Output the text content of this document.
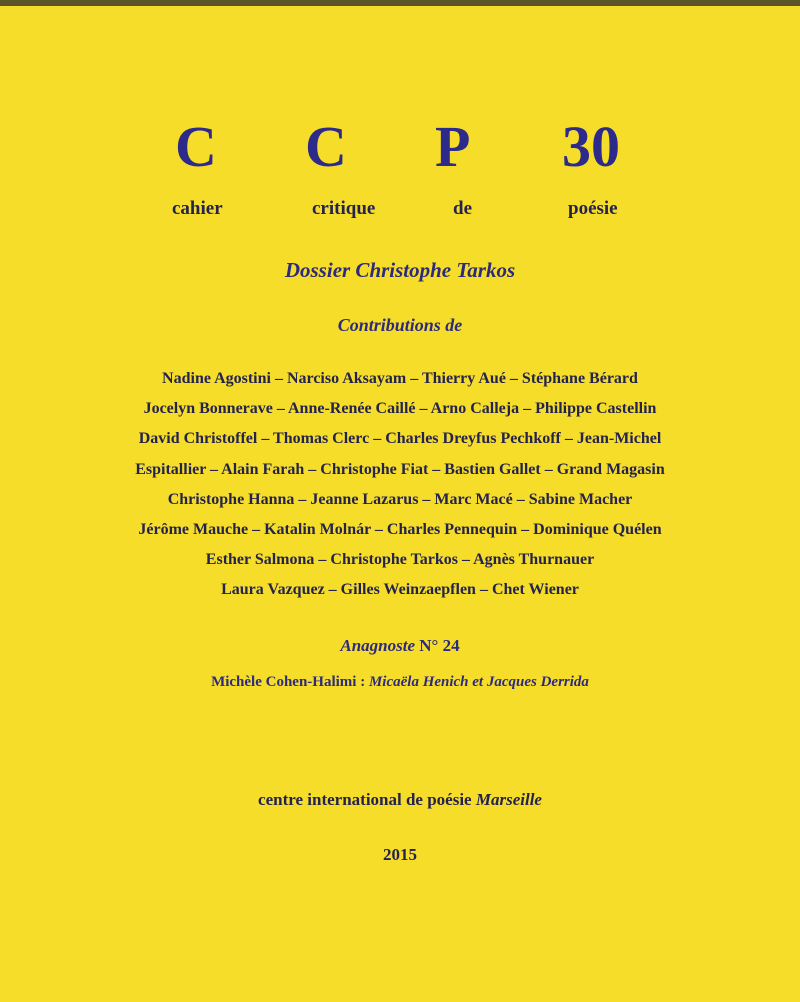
C C P 30
cahier	critique	de	poésie
Dossier Christophe Tarkos
Contributions de
Nadine Agostini – Narciso Aksayam – Thierry Aué – Stéphane Bérard
Jocelyn Bonnerave – Anne-Renée Caillé – Arno Calleja – Philippe Castellin
David Christoffel – Thomas Clerc – Charles Dreyfus Pechkoff – Jean-Michel
Espitallier – Alain Farah – Christophe Fiat – Bastien Gallet – Grand Magasin
Christophe Hanna – Jeanne Lazarus – Marc Macé – Sabine Macher
Jérôme Mauche – Katalin Molnár – Charles Pennequin – Dominique Quélen
Esther Salmona – Christophe Tarkos – Agnès Thurnauer
Laura Vazquez – Gilles Weinzaepflen – Chet Wiener
Anagnoste N° 24
Michèle Cohen-Halimi : Micaëla Henich et Jacques Derrida
centre international de poésie Marseille
2015
